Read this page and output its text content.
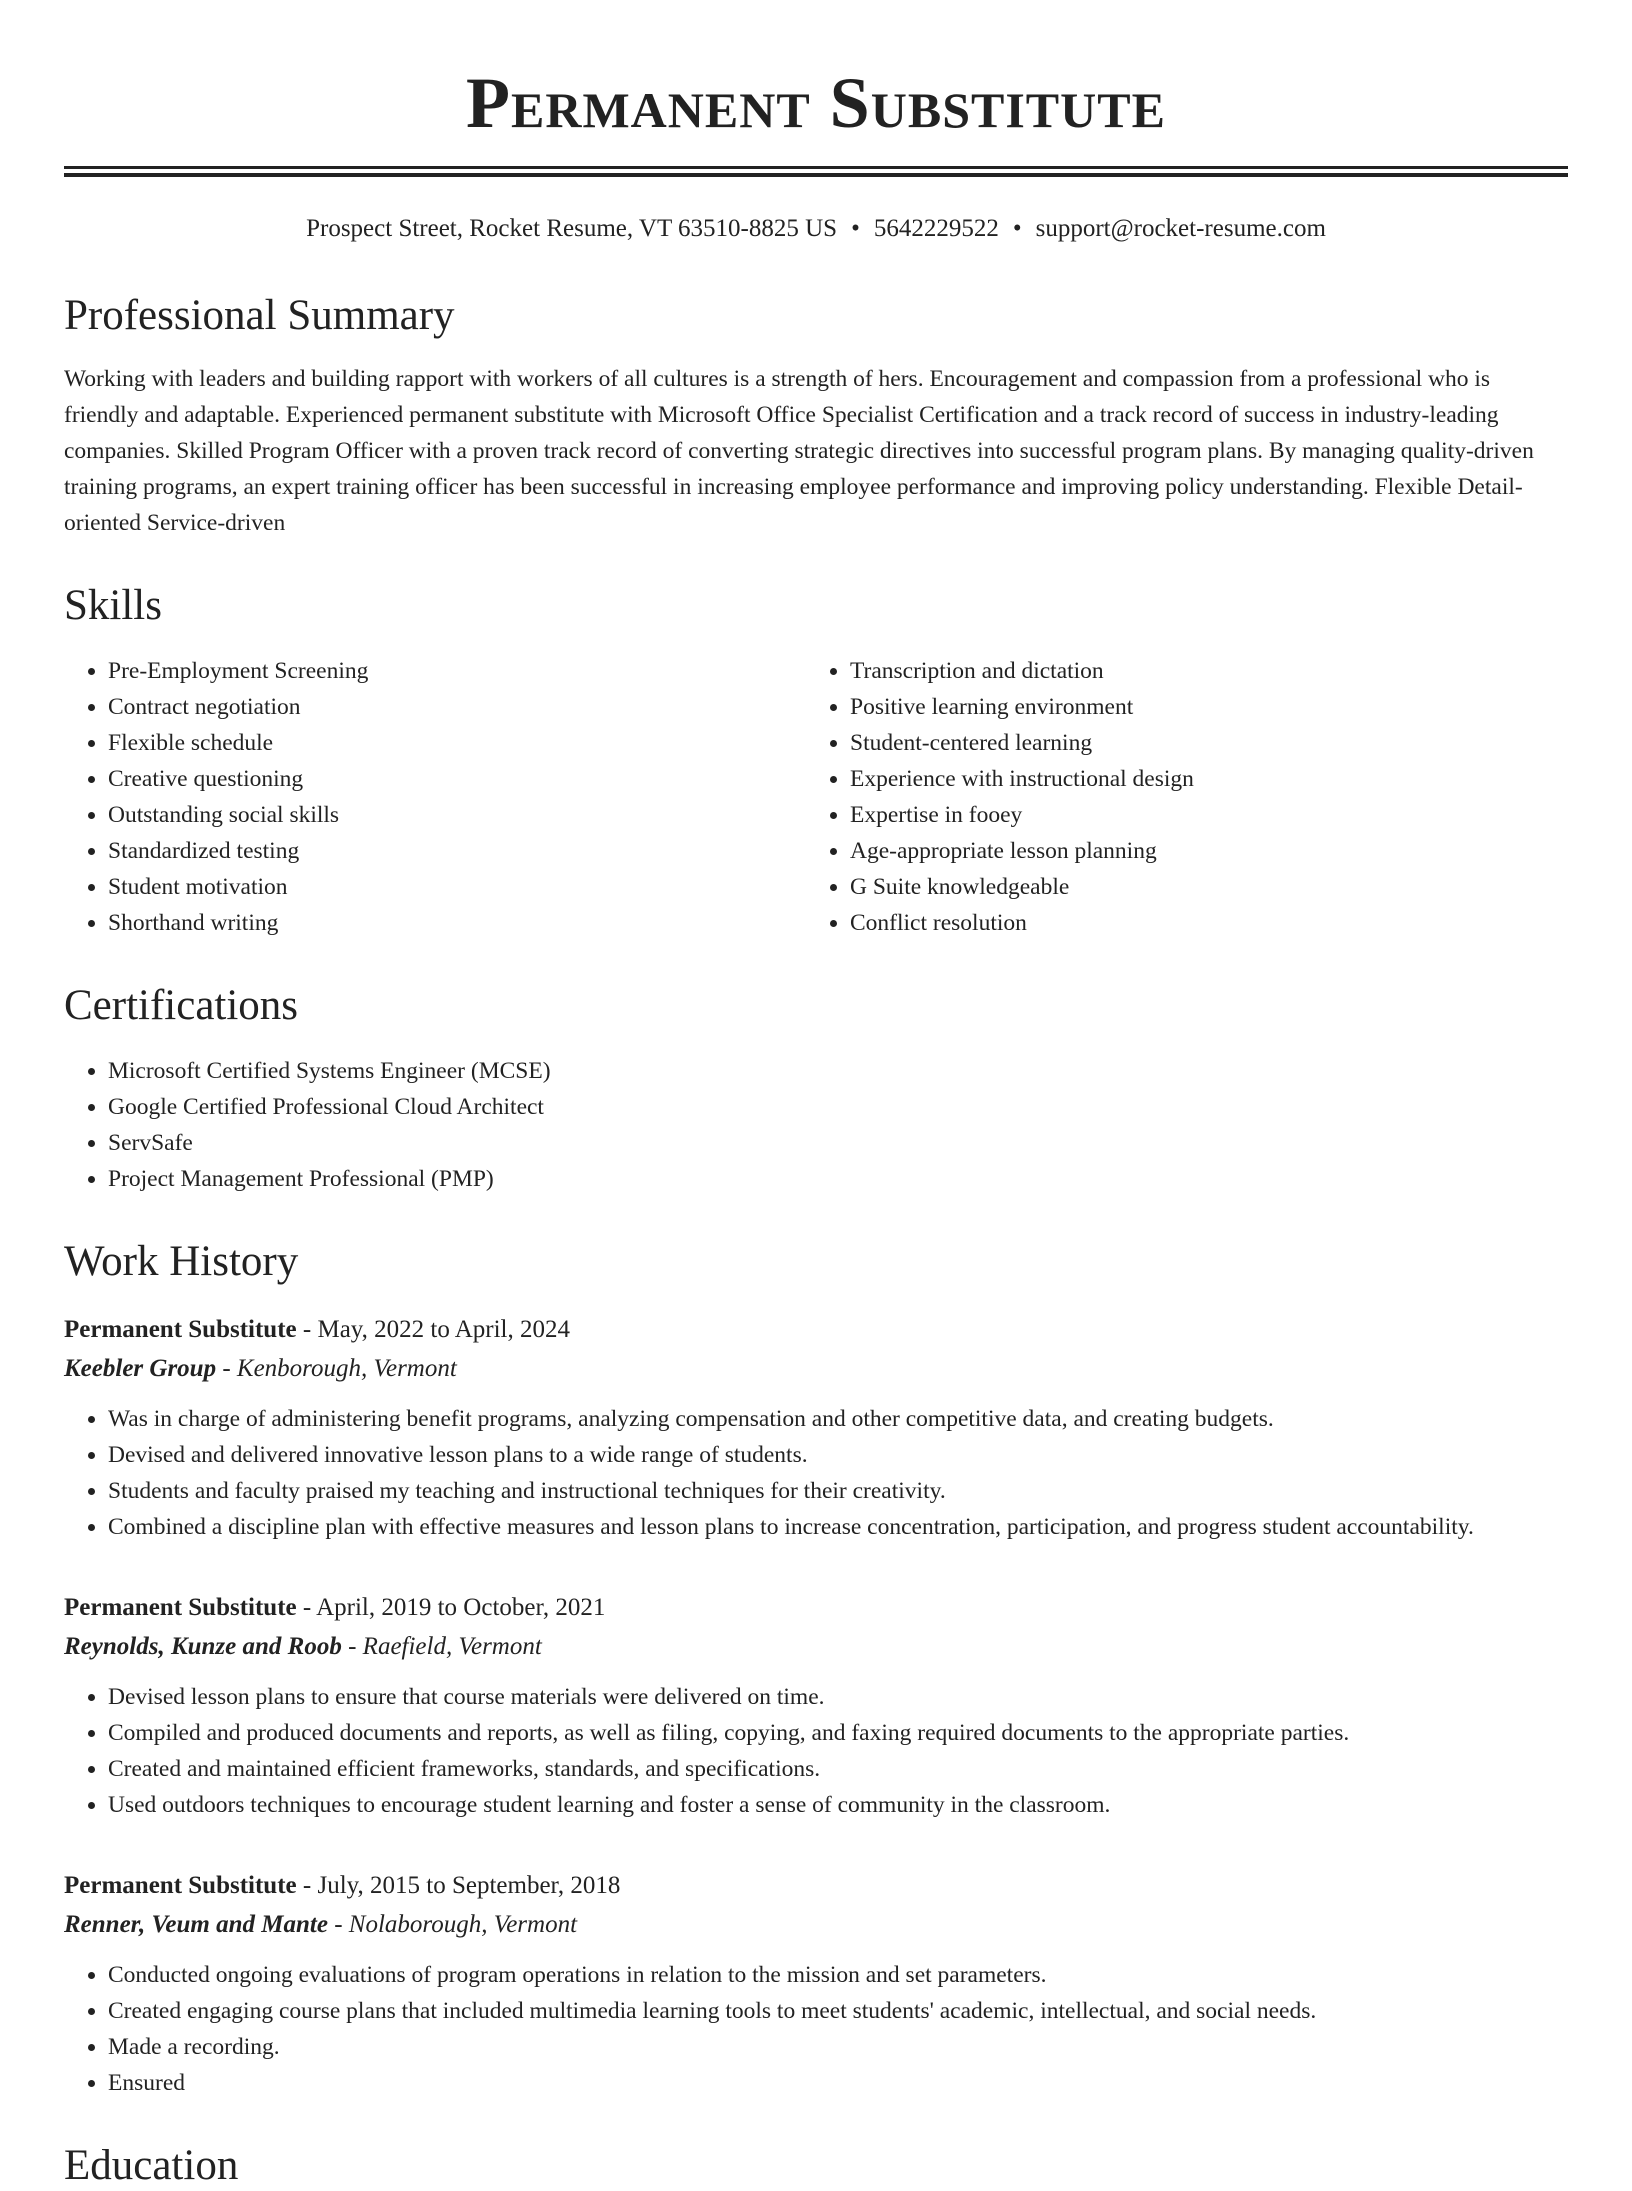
Permanent Substitute
Prospect Street, Rocket Resume, VT 63510-8825 US • 5642229522 • support@rocket-resume.com
Professional Summary

Working with leaders and building rapport with workers of all cultures is a strength of hers. Encouragement and compassion from a professional who is friendly and adaptable. Experienced permanent substitute with Microsoft Office Specialist Certification and a track record of success in industry-leading companies. Skilled Program Officer with a proven track record of converting strategic directives into successful program plans. By managing quality-driven training programs, an expert training officer has been successful in increasing employee performance and improving policy understanding. Flexible Detail-oriented Service-driven

Skills
• Pre-Employment Screening
• Contract negotiation
• Flexible schedule
• Creative questioning
• Outstanding social skills
• Standardized testing
• Student motivation
• Shorthand writing
• Transcription and dictation
• Positive learning environment
• Student-centered learning
• Experience with instructional design
• Expertise in fooey
• Age-appropriate lesson planning
• G Suite knowledgeable
• Conflict resolution
Certifications
• Microsoft Certified Systems Engineer (MCSE)
• Google Certified Professional Cloud Architect
• ServSafe
• Project Management Professional (PMP)
Work History
Permanent Substitute - May, 2022 to April, 2024
Keebler Group - Kenborough, Vermont
• Was in charge of administering benefit programs, analyzing compensation and other competitive data, and creating budgets.
• Devised and delivered innovative lesson plans to a wide range of students.
• Students and faculty praised my teaching and instructional techniques for their creativity.
• Combined a discipline plan with effective measures and lesson plans to increase concentration, participation, and progress student accountability.
Permanent Substitute - April, 2019 to October, 2021
Reynolds, Kunze and Roob - Raefield, Vermont
• Devised lesson plans to ensure that course materials were delivered on time.
• Compiled and produced documents and reports, as well as filing, copying, and faxing required documents to the appropriate parties.
• Created and maintained efficient frameworks, standards, and specifications.
• Used outdoors techniques to encourage student learning and foster a sense of community in the classroom.
Permanent Substitute - July, 2015 to September, 2018
Renner, Veum and Mante - Nolaborough, Vermont
• Conducted ongoing evaluations of program operations in relation to the mission and set parameters.
• Created engaging course plans that included multimedia learning tools to meet students' academic, intellectual, and social needs.
• Made a recording.
• Ensured
Education
